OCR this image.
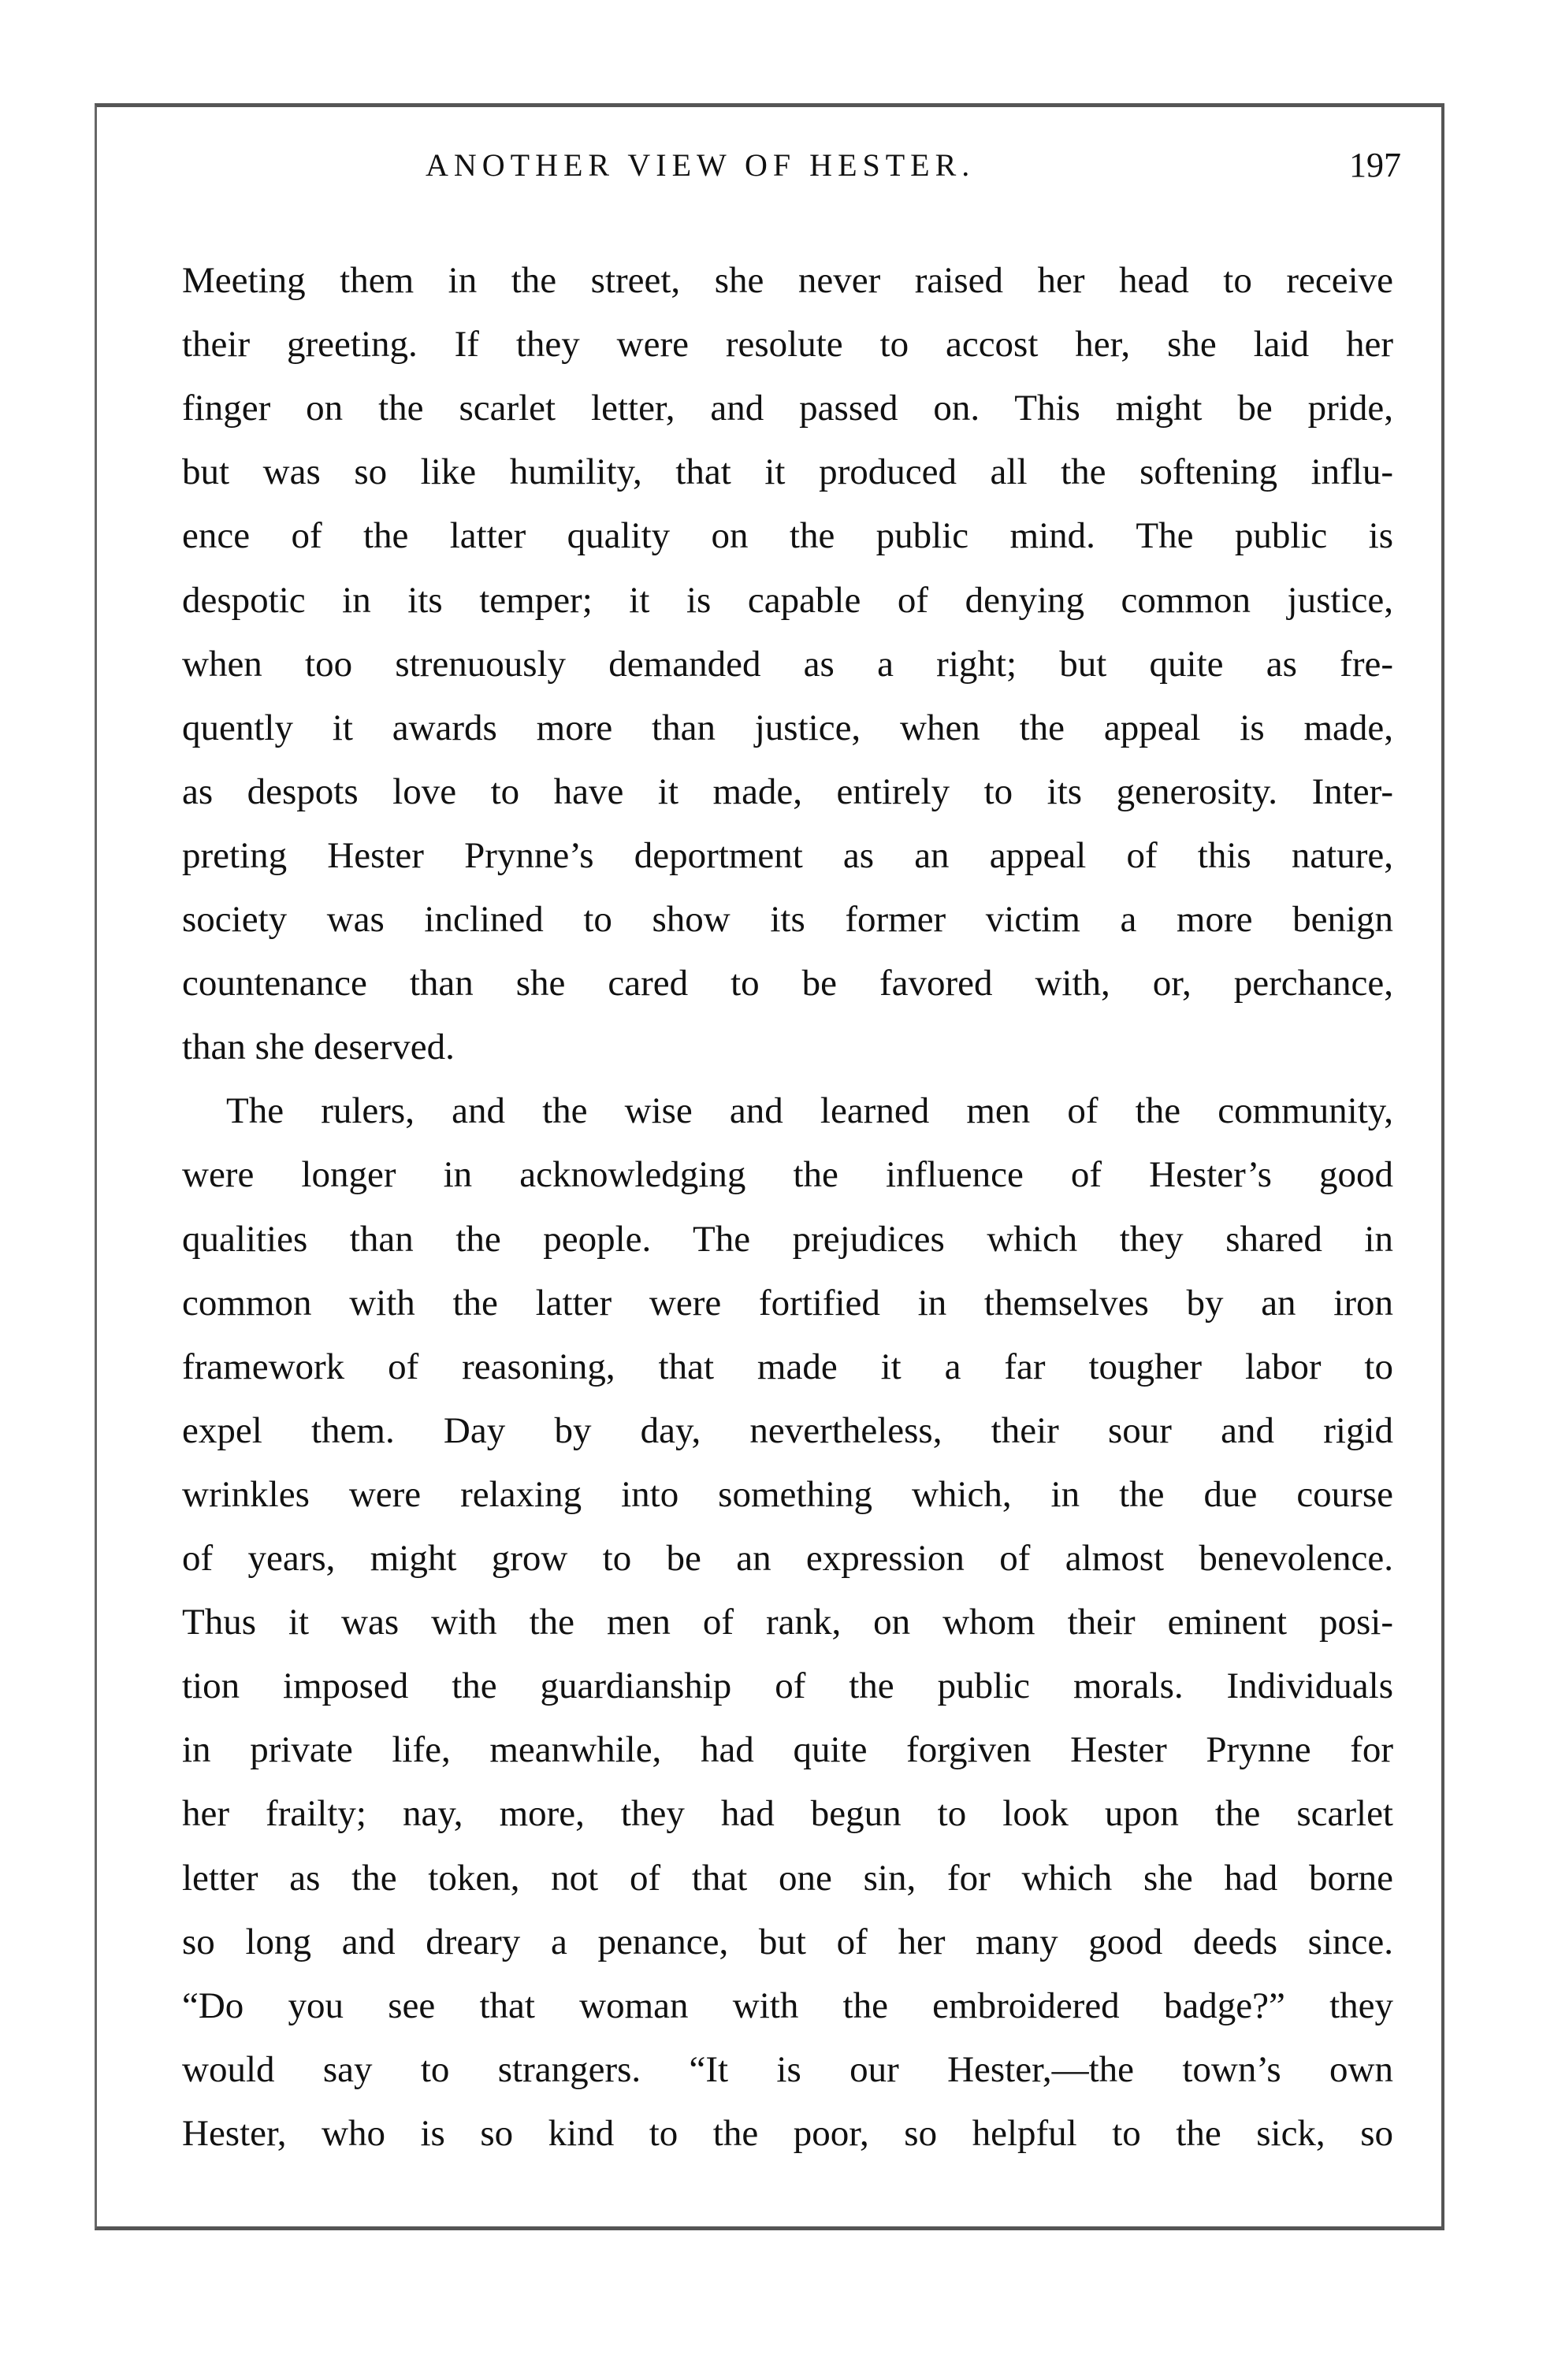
ANOTHER VIEW OF HESTER.	197
Meeting them in the street, she never raised her head to receive
their greeting. If they were resolute to accost her, she laid her
finger on the scarlet letter, and passed on. This might be pride,
but was so like humility, that it produced all the softening influ-
ence of the latter quality on the public mind. The public is
despotic in its temper; it is capable of denying common justice,
when too strenuously demanded as a right; but quite as fre-
quently it awards more than justice, when the appeal is made,
as despots love to have it made, entirely to its generosity. Inter-
preting Hester Prynne’s deportment as an appeal of this nature,
society was inclined to show its former victim a more benign
countenance than she cared to be favored with, or, perchance,
than she deserved.
The rulers, and the wise and learned men of the community,
were longer in acknowledging the influence of Hester’s good
qualities than the people. The prejudices which they shared in
common with the latter were fortified in themselves by an iron
framework of reasoning, that made it a far tougher labor to
expel them. Day by day, nevertheless, their sour and rigid
wrinkles were relaxing into something which, in the due course
of years, might grow to be an expression of almost benevolence.
Thus it was with the men of rank, on whom their eminent posi-
tion imposed the guardianship of the public morals. Individuals
in private life, meanwhile, had quite forgiven Hester Prynne for
her frailty; nay, more, they had begun to look upon the scarlet
letter as the token, not of that one sin, for which she had borne
so long and dreary a penance, but of her many good deeds since.
“Do you see that woman with the embroidered badge?” they
would say to strangers. “It is our Hester,—the town’s own
Hester, who is so kind to the poor, so helpful to the sick, so
